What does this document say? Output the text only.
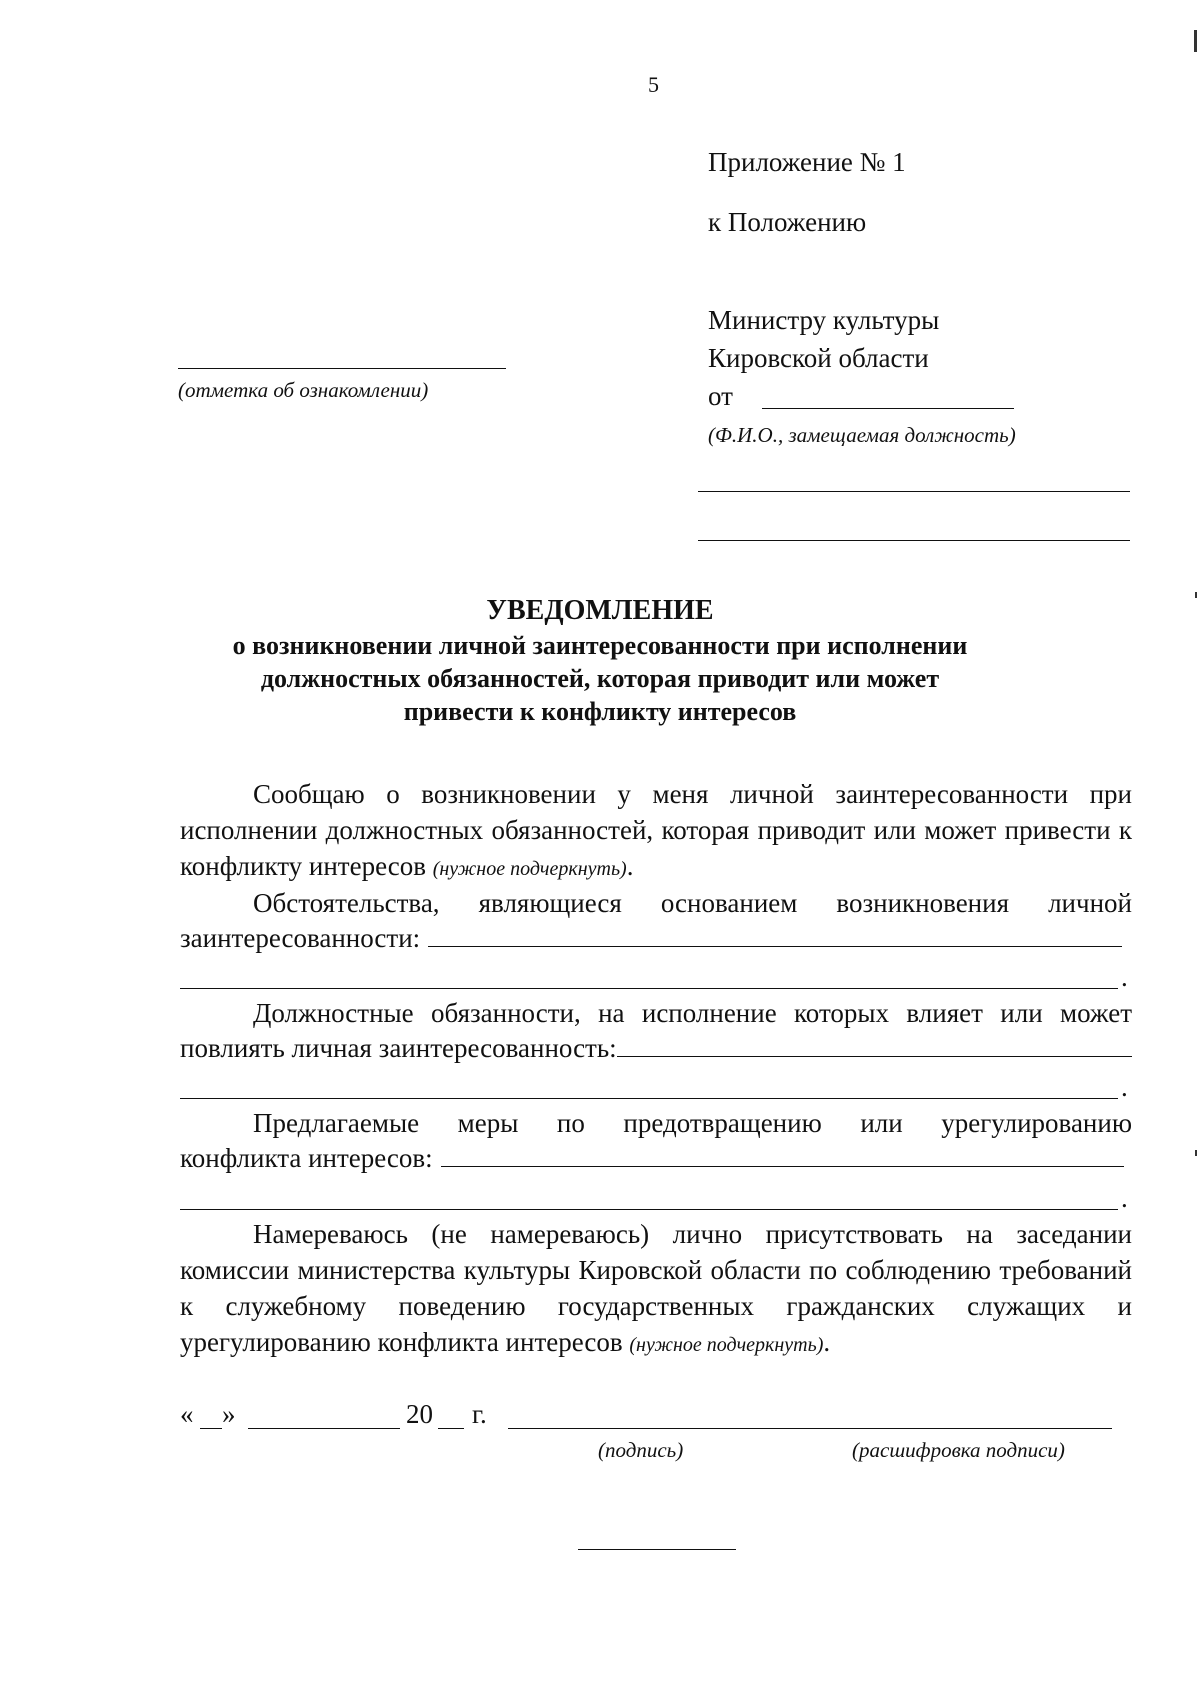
5
Приложение № 1
к Положению
Министру культуры
Кировской области
от
(Ф.И.О., замещаемая должность)
(отметка об ознакомлении)
УВЕДОМЛЕНИЕ
о возникновении личной заинтересованности при исполнении
должностных обязанностей, которая приводит или может
привести к конфликту интересов
Сообщаю о возникновении у меня личной заинтересованности при исполнении должностных обязанностей, которая приводит или может привести к конфликту интересов (нужное подчеркнуть).
Обстоятельства, являющиеся основанием возникновения личной
заинтересованности:
.
Должностные обязанности, на исполнение которых влияет или может
повлиять личная заинтересованность:
.
Предлагаемые меры по предотвращению или урегулированию
конфликта интересов:
.
Намереваюсь (не намереваюсь) лично присутствовать на заседании комиссии министерства культуры Кировской области по соблюдению требований к служебному поведению государственных гражданских служащих и урегулированию конфликта интересов (нужное подчеркнуть).
« »	20 г.
(подпись)	(расшифровка подписи)
